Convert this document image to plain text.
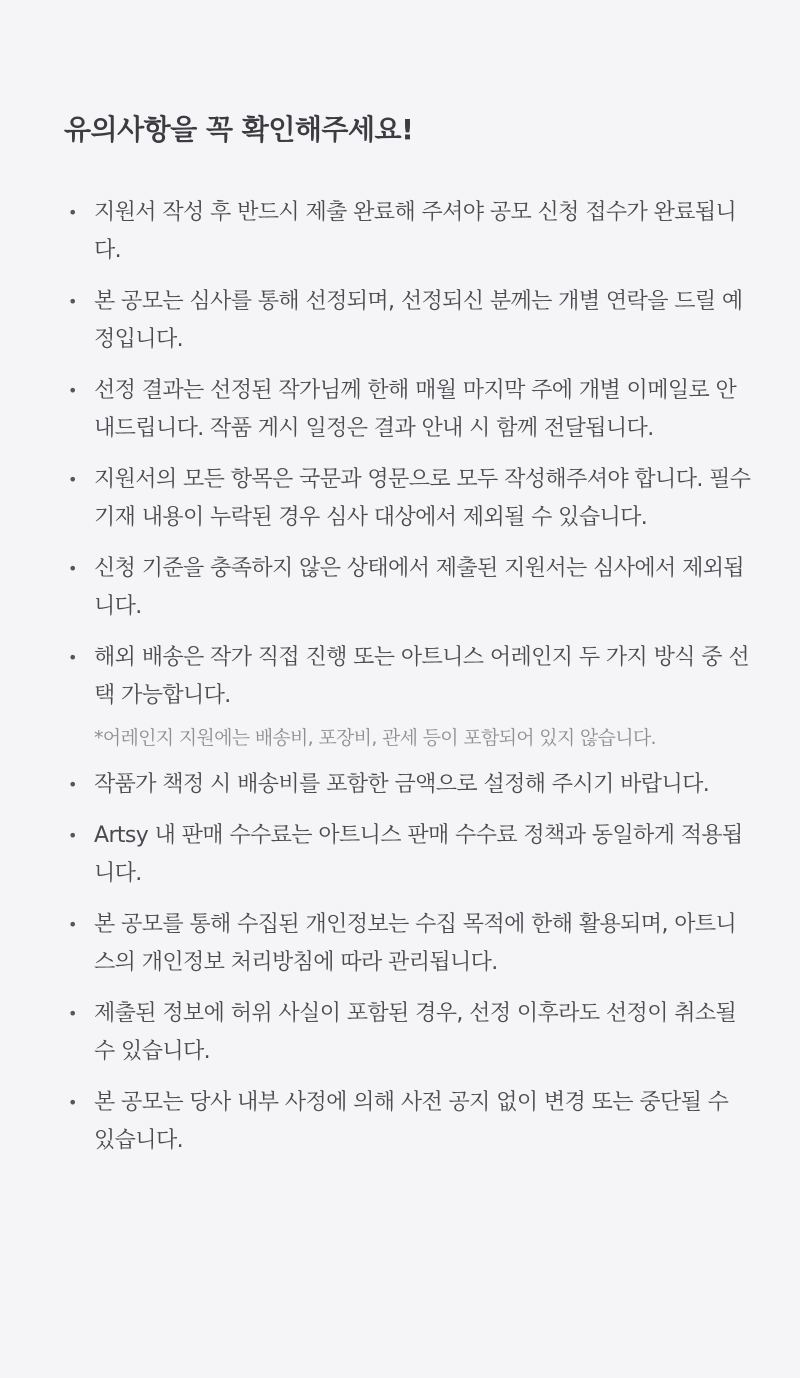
유의사항을 꼭 확인해주세요!
• 지원서 작성 후 반드시 제출 완료해 주셔야 공모 신청 접수가 완료됩니다.
• 본 공모는 심사를 통해 선정되며, 선정되신 분께는 개별 연락을 드릴 예정입니다.
• 선정 결과는 선정된 작가님께 한해 매월 마지막 주에 개별 이메일로 안내드립니다. 작품 게시 일정은 결과 안내 시 함께 전달됩니다.
• 지원서의 모든 항목은 국문과 영문으로 모두 작성해주셔야 합니다. 필수 기재 내용이 누락된 경우 심사 대상에서 제외될 수 있습니다.
• 신청 기준을 충족하지 않은 상태에서 제출된 지원서는 심사에서 제외됩니다.
• 해외 배송은 작가 직접 진행 또는 아트니스 어레인지 두 가지 방식 중 선택 가능합니다.
*어레인지 지원에는 배송비, 포장비, 관세 등이 포함되어 있지 않습니다.
• 작품가 책정 시 배송비를 포함한 금액으로 설정해 주시기 바랍니다.
• Artsy 내 판매 수수료는 아트니스 판매 수수료 정책과 동일하게 적용됩니다.
• 본 공모를 통해 수집된 개인정보는 수집 목적에 한해 활용되며, 아트니스의 개인정보 처리방침에 따라 관리됩니다.
• 제출된 정보에 허위 사실이 포함된 경우, 선정 이후라도 선정이 취소될 수 있습니다.
• 본 공모는 당사 내부 사정에 의해 사전 공지 없이 변경 또는 중단될 수 있습니다.
